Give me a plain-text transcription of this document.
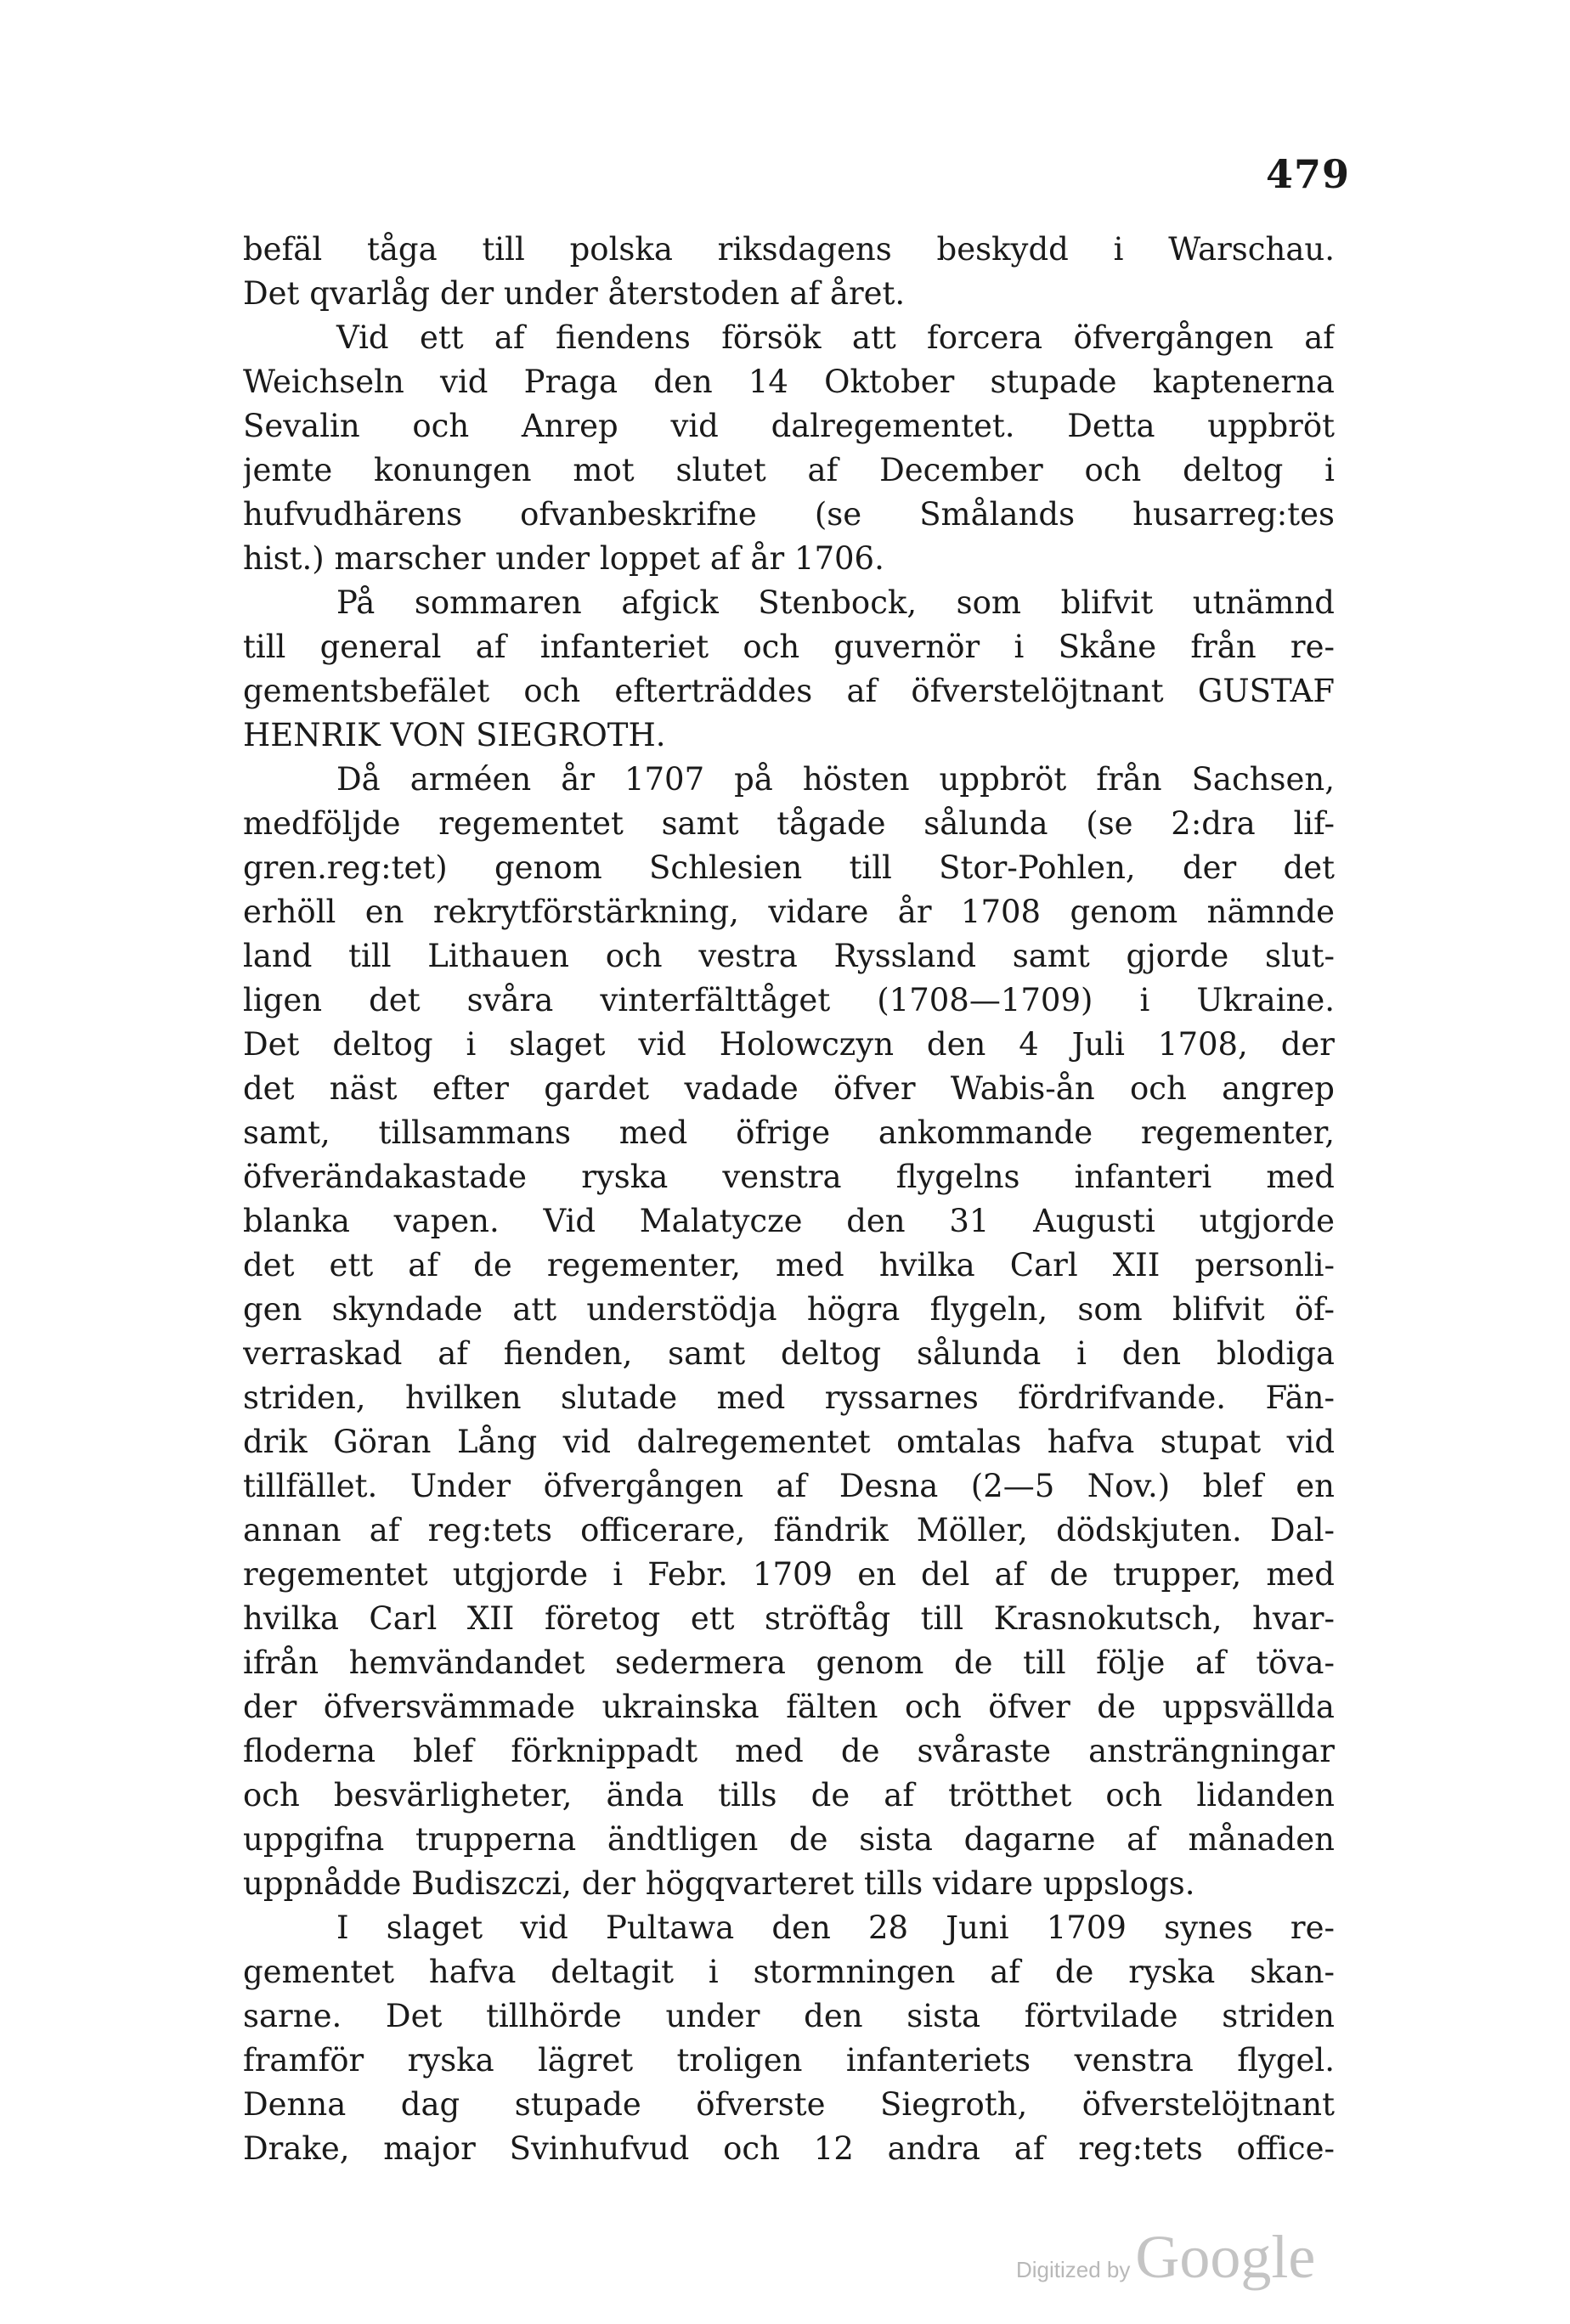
479
befäl tåga till polska riksdagens beskydd i Warschau.
Det qvarlåg der under återstoden af året.
Vid ett af fiendens försök att forcera öfvergången af
Weichseln vid Praga den 14 Oktober stupade kaptenerna
Sevalin och Anrep vid dalregementet. Detta uppbröt
jemte konungen mot slutet af December och deltog i
hufvudhärens ofvanbeskrifne (se Smålands husarreg:tes
hist.) marscher under loppet af år 1706.
På sommaren afgick Stenbock, som blifvit utnämnd
till general af infanteriet och guvernör i Skåne från re-
gementsbefälet och efterträddes af öfverstelöjtnant GUSTAF
HENRIK VON SIEGROTH.
Då arméen år 1707 på hösten uppbröt från Sachsen,
medföljde regementet samt tågade sålunda (se 2:dra lif-
gren.reg:tet) genom Schlesien till Stor-Pohlen, der det
erhöll en rekrytförstärkning, vidare år 1708 genom nämnde
land till Lithauen och vestra Ryssland samt gjorde slut-
ligen det svåra vinterfälttåget (1708—1709) i Ukraine.
Det deltog i slaget vid Holowczyn den 4 Juli 1708, der
det näst efter gardet vadade öfver Wabis-ån och angrep
samt, tillsammans med öfrige ankommande regementer,
öfverändakastade ryska venstra flygelns infanteri med
blanka vapen. Vid Malatycze den 31 Augusti utgjorde
det ett af de regementer, med hvilka Carl XII personli-
gen skyndade att understödja högra flygeln, som blifvit öf-
verraskad af fienden, samt deltog sålunda i den blodiga
striden, hvilken slutade med ryssarnes fördrifvande. Fän-
drik Göran Lång vid dalregementet omtalas hafva stupat vid
tillfället. Under öfvergången af Desna (2—5 Nov.) blef en
annan af reg:tets officerare, fändrik Möller, dödskjuten. Dal-
regementet utgjorde i Febr. 1709 en del af de trupper, med
hvilka Carl XII företog ett ströftåg till Krasnokutsch, hvar-
ifrån hemvändandet sedermera genom de till följe af töva-
der öfversvämmade ukrainska fälten och öfver de uppsvällda
floderna blef förknippadt med de svåraste ansträngningar
och besvärligheter, ända tills de af trötthet och lidanden
uppgifna trupperna ändtligen de sista dagarne af månaden
uppnådde Budiszczi, der högqvarteret tills vidare uppslogs.
I slaget vid Pultawa den 28 Juni 1709 synes re-
gementet hafva deltagit i stormningen af de ryska skan-
sarne. Det tillhörde under den sista förtvilade striden
framför ryska lägret troligen infanteriets venstra flygel.
Denna dag stupade öfverste Siegroth, öfverstelöjtnant
Drake, major Svinhufvud och 12 andra af reg:tets office-
Digitized by Google
